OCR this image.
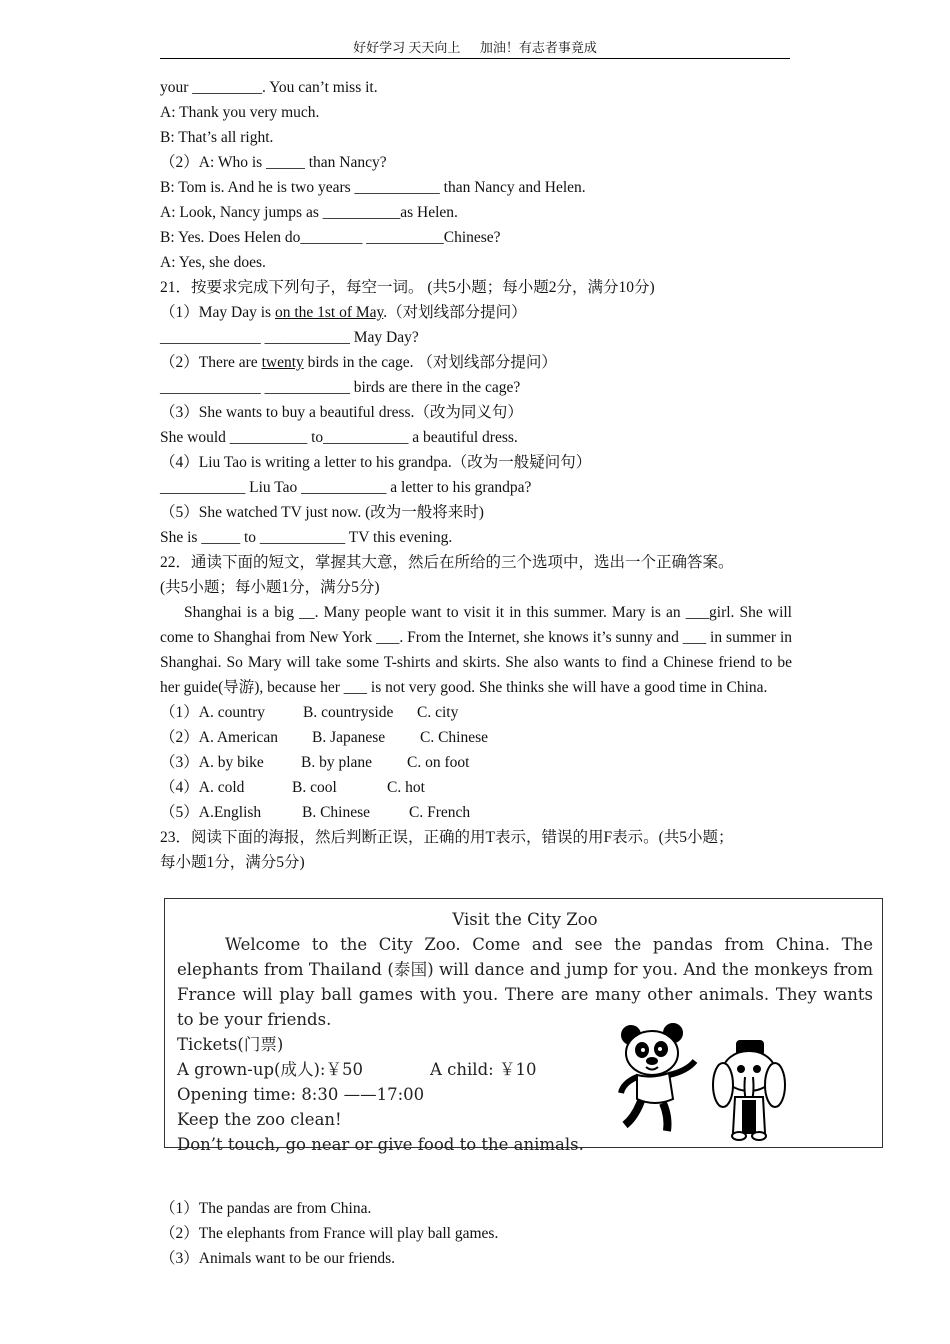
好好学习 天天向上 加油！有志者事竟成
your _________. You can’t miss it.
A: Thank you very much.
B: That’s all right.
（2）A: Who is _____ than Nancy?
B: Tom is. And he is two years ___________ than Nancy and Helen.
A: Look, Nancy jumps as __________as Helen.
B: Yes. Does Helen do________ __________Chinese?
A: Yes, she does.
21．按要求完成下列句子，每空一词。 (共5小题；每小题2分，满分10分)
（1）May Day is on the 1st of May.（对划线部分提问）
_____________ ___________ May Day?
（2）There are twenty birds in the cage. （对划线部分提问）
_____________ ___________ birds are there in the cage?
（3）She wants to buy a beautiful dress.（改为同义句）
She would __________ to___________ a beautiful dress.
（4）Liu Tao is writing a letter to his grandpa.（改为一般疑问句）
___________ Liu Tao ___________ a letter to his grandpa?
（5）She watched TV just now. (改为一般将来时)
She is _____ to ___________ TV this evening.
22．通读下面的短文，掌握其大意，然后在所给的三个选项中，选出一个正确答案。
(共5小题；每小题1分，满分5分)

Shanghai is a big __. Many people want to visit it in this summer. Mary is an ___girl. She will come to Shanghai from New York ___. From the Internet, she knows it’s sunny and ___ in summer in Shanghai. So Mary will take some T-shirts and skirts. She also wants to find a Chinese friend to be her guide(导游), because her ___ is not very good. She thinks she will have a good time in China.

（1）A. country	B. countryside	C. city
（2）A. American	B. Japanese	C. Chinese
（3）A. by bike	B. by plane	C. on foot
（4）A. cold	B. cool	C. hot
（5）A.English	B. Chinese	C. French
23．阅读下面的海报，然后判断正误，正确的用T表示，错误的用F表示。(共5小题；
每小题1分，满分5分)
Visit the City Zoo

Welcome to the City Zoo. Come and see the pandas from China. The elephants from Thailand (泰国) will dance and jump for you. And the monkeys from France will play ball games with you. There are many other animals. They wants to be your friends.

Tickets(门票)
A grown-up(成人):￥50	A child: ￥10
Opening time: 8:30 ——17:00
Keep the zoo clean!
Don’t touch, go near or give food to the animals.
（1）The pandas are from China.
（2）The elephants from France will play ball games.
（3）Animals want to be our friends.
